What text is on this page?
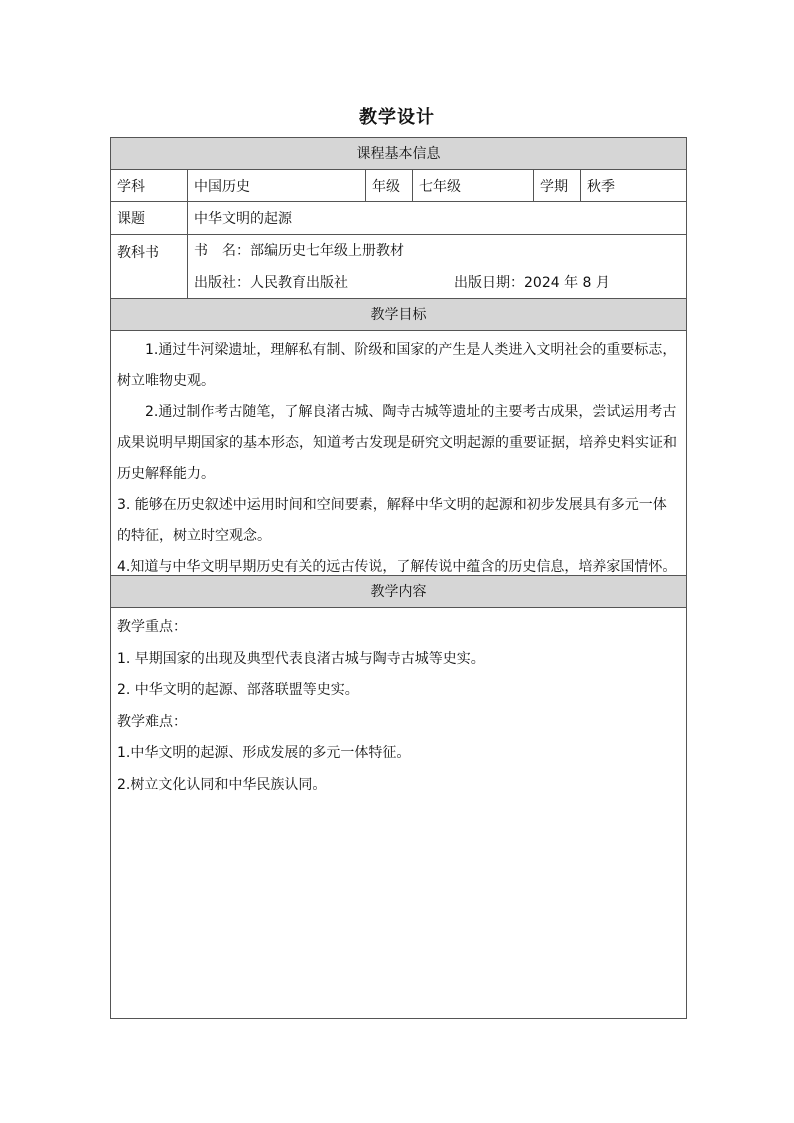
教学设计
课程基本信息
学科	中国历史	年级	七年级	学期	秋季
课题	中华文明的起源
教科书	书　名：部编历史七年级上册教材
出版社：人民教育出版社	出版日期：2024 年 8 月
教学目标

1.通过牛河梁遗址，理解私有制、阶级和国家的产生是人类进入文明社会的重要标志，树立唯物史观。

2.通过制作考古随笔，了解良渚古城、陶寺古城等遗址的主要考古成果，尝试运用考古成果说明早期国家的基本形态，知道考古发现是研究文明起源的重要证据，培养史料实证和历史解释能力。

3. 能够在历史叙述中运用时间和空间要素，解释中华文明的起源和初步发展具有多元一体的特征，树立时空观念。

4.知道与中华文明早期历史有关的远古传说，了解传说中蕴含的历史信息，培养家国情怀。

教学内容

教学重点：

1. 早期国家的出现及典型代表良渚古城与陶寺古城等史实。

2. 中华文明的起源、部落联盟等史实。

教学难点：

1.中华文明的起源、形成发展的多元一体特征。

2.树立文化认同和中华民族认同。
